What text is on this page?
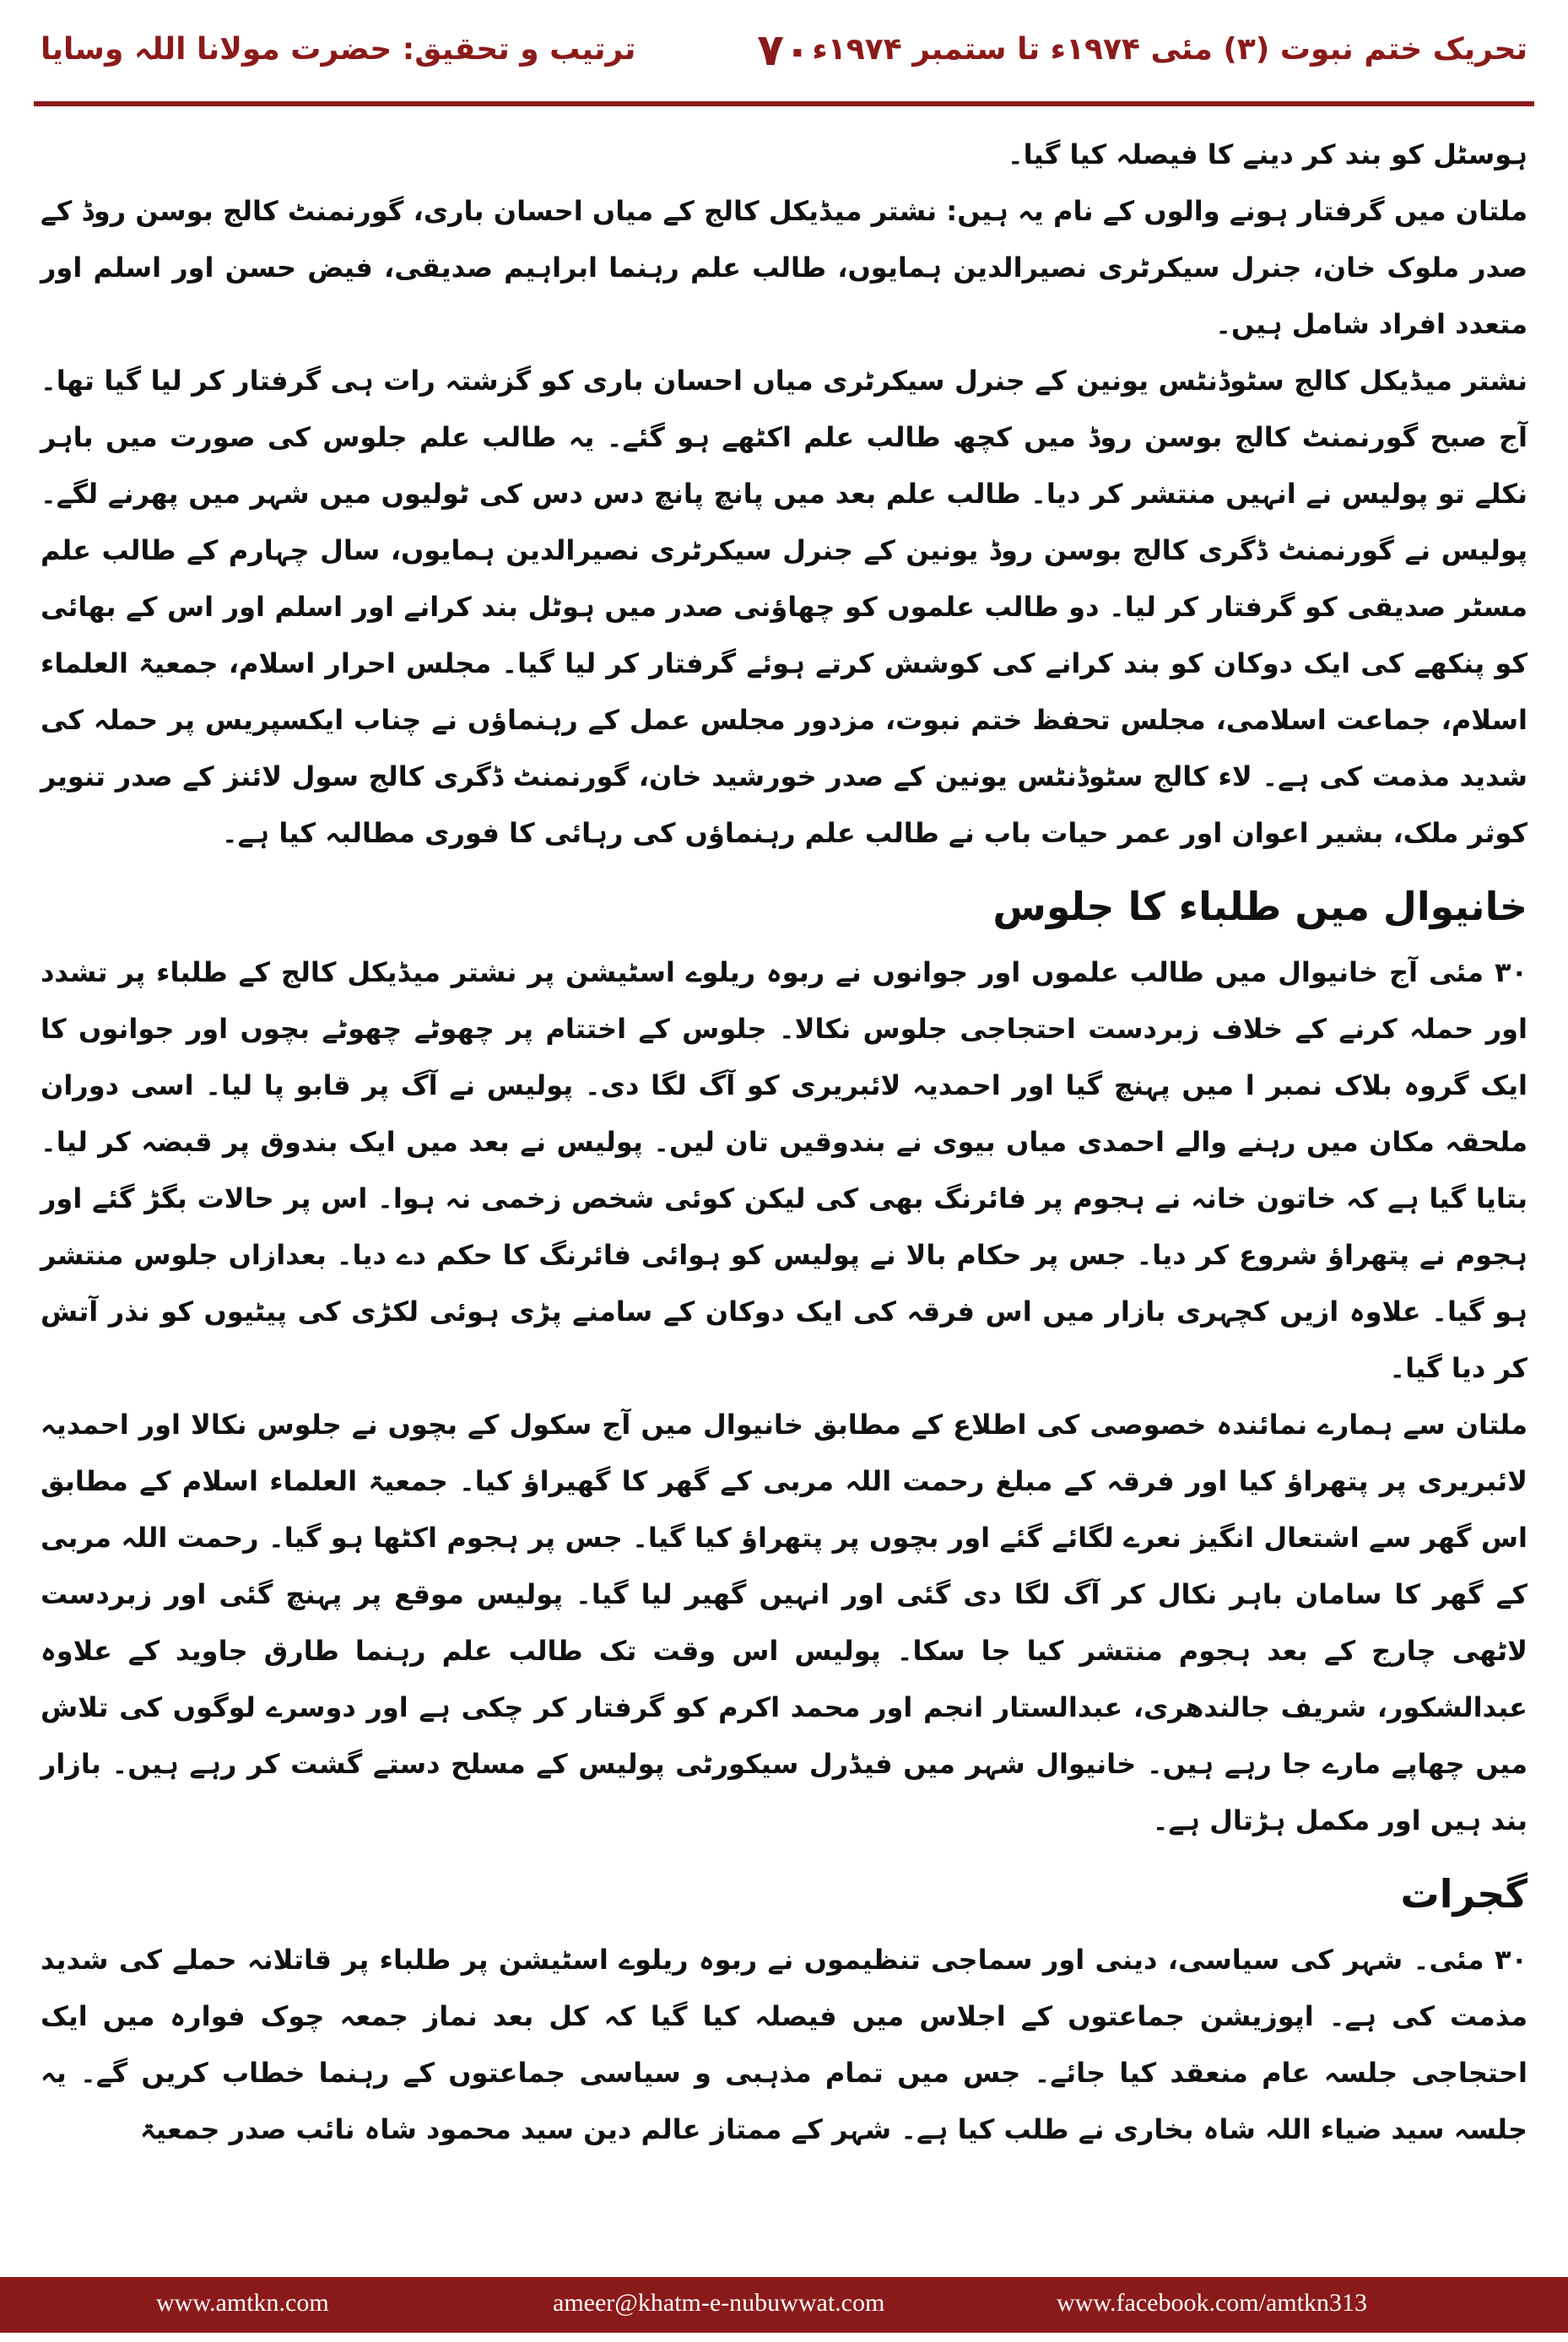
ترتیب و تحقیق: حضرت مولانا اللہ وسایا	۷۰ تحریک ختم نبوت (۳) مئی ۱۹۷۴ء تا ستمبر ۱۹۷۴ء

ہوسٹل کو بند کر دینے کا فیصلہ کیا گیا۔

ملتان میں گرفتار ہونے والوں کے نام یہ ہیں: نشتر میڈیکل کالج کے میاں احسان باری، گورنمنٹ کالج بوسن روڈ کے صدر ملوک خان، جنرل سیکرٹری نصیرالدین ہمایوں، طالب علم رہنما ابراہیم صدیقی، فیض حسن اور اسلم اور متعدد افراد شامل ہیں۔

نشتر میڈیکل کالج سٹوڈنٹس یونین کے جنرل سیکرٹری میاں احسان باری کو گزشتہ رات ہی گرفتار کر لیا گیا تھا۔ آج صبح گورنمنٹ کالج بوسن روڈ میں کچھ طالب علم اکٹھے ہو گئے۔ یہ طالب علم جلوس کی صورت میں باہر نکلے تو پولیس نے انہیں منتشر کر دیا۔ طالب علم بعد میں پانچ پانچ دس دس کی ٹولیوں میں شہر میں پھرنے لگے۔ پولیس نے گورنمنٹ ڈگری کالج بوسن روڈ یونین کے جنرل سیکرٹری نصیرالدین ہمایوں، سال چہارم کے طالب علم مسٹر صدیقی کو گرفتار کر لیا۔ دو طالب علموں کو چھاؤنی صدر میں ہوٹل بند کرانے اور اسلم اور اس کے بھائی کو پنکھے کی ایک دوکان کو بند کرانے کی کوشش کرتے ہوئے گرفتار کر لیا گیا۔ مجلس احرار اسلام، جمعیۃ العلماء اسلام، جماعت اسلامی، مجلس تحفظ ختم نبوت، مزدور مجلس عمل کے رہنماؤں نے چناب ایکسپریس پر حملہ کی شدید مذمت کی ہے۔ لاء کالج سٹوڈنٹس یونین کے صدر خورشید خان، گورنمنٹ ڈگری کالج سول لائنز کے صدر تنویر کوثر ملک، بشیر اعوان اور عمر حیات باب نے طالب علم رہنماؤں کی رہائی کا فوری مطالبہ کیا ہے۔

خانیوال میں طلباء کا جلوس

۳۰ مئی آج خانیوال میں طالب علموں اور جوانوں نے ربوہ ریلوے اسٹیشن پر نشتر میڈیکل کالج کے طلباء پر تشدد اور حملہ کرنے کے خلاف زبردست احتجاجی جلوس نکالا۔ جلوس کے اختتام پر چھوٹے چھوٹے بچوں اور جوانوں کا ایک گروہ بلاک نمبر ا میں پہنچ گیا اور احمدیہ لائبریری کو آگ لگا دی۔ پولیس نے آگ پر قابو پا لیا۔ اسی دوران ملحقہ مکان میں رہنے والے احمدی میاں بیوی نے بندوقیں تان لیں۔ پولیس نے بعد میں ایک بندوق پر قبضہ کر لیا۔ بتایا گیا ہے کہ خاتون خانہ نے ہجوم پر فائرنگ بھی کی لیکن کوئی شخص زخمی نہ ہوا۔ اس پر حالات بگڑ گئے اور ہجوم نے پتھراؤ شروع کر دیا۔ جس پر حکام بالا نے پولیس کو ہوائی فائرنگ کا حکم دے دیا۔ بعدازاں جلوس منتشر ہو گیا۔ علاوہ ازیں کچہری بازار میں اس فرقہ کی ایک دوکان کے سامنے پڑی ہوئی لکڑی کی پیٹیوں کو نذر آتش کر دیا گیا۔

ملتان سے ہمارے نمائندہ خصوصی کی اطلاع کے مطابق خانیوال میں آج سکول کے بچوں نے جلوس نکالا اور احمدیہ لائبریری پر پتھراؤ کیا اور فرقہ کے مبلغ رحمت اللہ مربی کے گھر کا گھیراؤ کیا۔ جمعیۃ العلماء اسلام کے مطابق اس گھر سے اشتعال انگیز نعرے لگائے گئے اور بچوں پر پتھراؤ کیا گیا۔ جس پر ہجوم اکٹھا ہو گیا۔ رحمت اللہ مربی کے گھر کا سامان باہر نکال کر آگ لگا دی گئی اور انہیں گھیر لیا گیا۔ پولیس موقع پر پہنچ گئی اور زبردست لاٹھی چارج کے بعد ہجوم منتشر کیا جا سکا۔ پولیس اس وقت تک طالب علم رہنما طارق جاوید کے علاوہ عبدالشکور، شریف جالندھری، عبدالستار انجم اور محمد اکرم کو گرفتار کر چکی ہے اور دوسرے لوگوں کی تلاش میں چھاپے مارے جا رہے ہیں۔ خانیوال شہر میں فیڈرل سیکورٹی پولیس کے مسلح دستے گشت کر رہے ہیں۔ بازار بند ہیں اور مکمل ہڑتال ہے۔

گجرات

۳۰ مئی۔ شہر کی سیاسی، دینی اور سماجی تنظیموں نے ربوہ ریلوے اسٹیشن پر طلباء پر قاتلانہ حملے کی شدید مذمت کی ہے۔ اپوزیشن جماعتوں کے اجلاس میں فیصلہ کیا گیا کہ کل بعد نماز جمعہ چوک فوارہ میں ایک احتجاجی جلسہ عام منعقد کیا جائے۔ جس میں تمام مذہبی و سیاسی جماعتوں کے رہنما خطاب کریں گے۔ یہ جلسہ سید ضیاء اللہ شاہ بخاری نے طلب کیا ہے۔ شہر کے ممتاز عالم دین سید محمود شاہ نائب صدر جمعیۃ

www.amtkn.com	ameer@khatm-e-nubuwwat.com	www.facebook.com/amtkn313
